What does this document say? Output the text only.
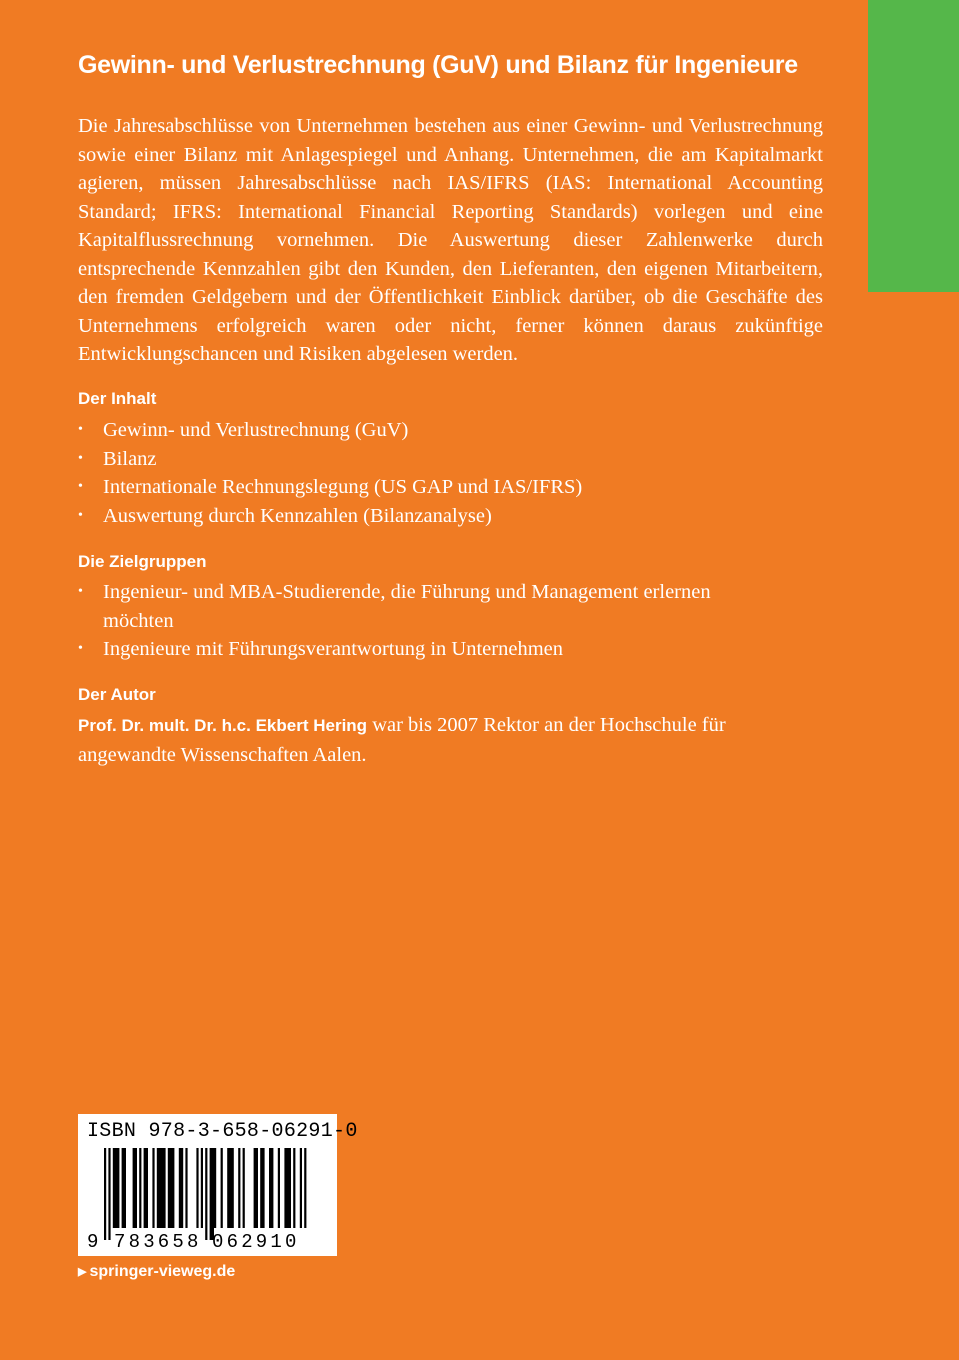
Gewinn- und Verlustrechnung (GuV) und Bilanz für Ingenieure

Die Jahresabschlüsse von Unternehmen bestehen aus einer Gewinn- und Verlustrechnung sowie einer Bilanz mit Anlagespiegel und Anhang. Unternehmen, die am Kapitalmarkt agieren, müssen Jahresabschlüsse nach IAS/IFRS (IAS: International Accounting Standard; IFRS: International Financial Reporting Standards) vorlegen und eine Kapitalflussrechnung vornehmen. Die Auswertung dieser Zahlenwerke durch entsprechende Kennzahlen gibt den Kunden, den Lieferanten, den eigenen Mitarbeitern, den fremden Geldgebern und der Öffentlichkeit Einblick darüber, ob die Geschäfte des Unternehmens erfolgreich waren oder nicht, ferner können daraus zukünftige Entwicklungschancen und Risiken abgelesen werden.

Der Inhalt
• Gewinn- und Verlustrechnung (GuV)
• Bilanz
• Internationale Rechnungslegung (US GAP und IAS/IFRS)
• Auswertung durch Kennzahlen (Bilanzanalyse)
Die Zielgruppen
• Ingenieur- und MBA-Studierende, die Führung und Management erlernen möchten
• Ingenieure mit Führungsverantwortung in Unternehmen
Der Autor
Prof. Dr. mult. Dr. h.c. Ekbert Hering war bis 2007 Rektor an der Hochschule für angewandte Wissenschaften Aalen.
ISBN 978-3-658-06291-0
9 783658 062910
▶ springer-vieweg.de
